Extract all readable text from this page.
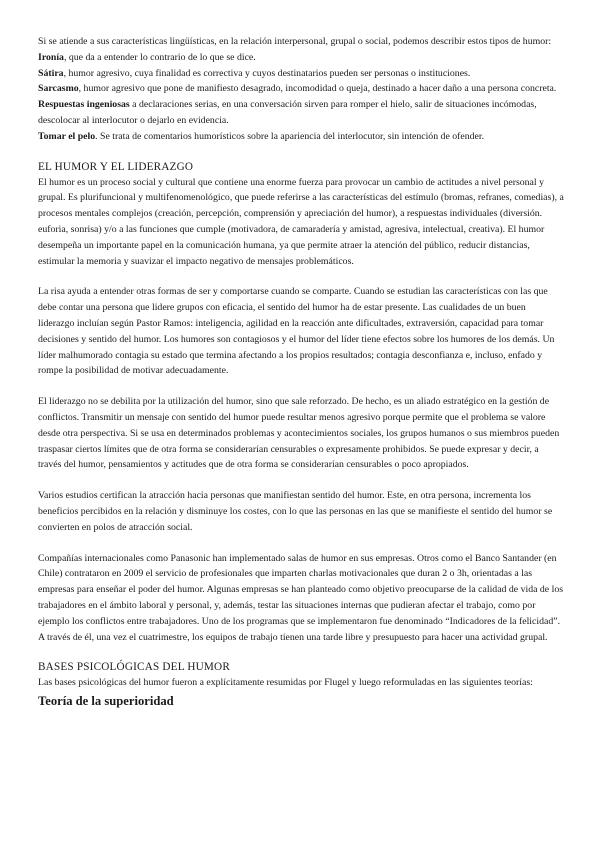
Si se atiende a sus características lingüísticas, en la relación interpersonal, grupal o social, podemos describir estos tipos de humor:

Ironía, que da a entender lo contrario de lo que se dice.

Sátira, humor agresivo, cuya finalidad es correctiva y cuyos destinatarios pueden ser personas o instituciones.

Sarcasmo, humor agresivo que pone de manifiesto desagrado, incomodidad o queja, destinado a hacer daño a una persona concreta.

Respuestas ingeniosas a declaraciones serias, en una conversación sirven para romper el hielo, salir de situaciones incómodas, descolocar al interlocutor o dejarlo en evidencia.

Tomar el pelo. Se trata de comentarios humorísticos sobre la apariencia del interlocutor, sin intención de ofender.

EL HUMOR Y EL LIDERAZGO

El humor es un proceso social y cultural que contiene una enorme fuerza para provocar un cambio de actitudes a nivel personal y grupal. Es plurifuncional y multifenomenológico, que puede referirse a las características del estímulo (bromas, refranes, comedias), a procesos mentales complejos (creación, percepción, comprensión y apreciación del humor), a respuestas individuales (diversión. euforia, sonrisa) y/o a las funciones que cumple (motivadora, de camaradería y amistad, agresiva, intelectual, creativa). El humor desempeña un importante papel en la comunicación humana, ya que permite atraer la atención del público, reducir distancias, estimular la memoria y suavizar el impacto negativo de mensajes problemáticos.

La risa ayuda a entender otras formas de ser y comportarse cuando se comparte. Cuando se estudian las características con las que debe contar una persona que lidere grupos con eficacia, el sentido del humor ha de estar presente. Las cualidades de un buen liderazgo incluían según Pastor Ramos: inteligencia, agilidad en la reacción ante dificultades, extraversión, capacidad para tomar decisiones y sentido del humor. Los humores son contagiosos y el humor del líder tiene efectos sobre los humores de los demás. Un líder malhumorado contagia su estado que termina afectando a los propios resultados; contagia desconfianza e, incluso, enfado y rompe la posibilidad de motivar adecuadamente.

El liderazgo no se debilita por la utilización del humor, sino que sale reforzado. De hecho, es un aliado estratégico en la gestión de conflictos. Transmitir un mensaje con sentido del humor puede resultar menos agresivo porque permite que el problema se valore desde otra perspectiva. Si se usa en determinados problemas y acontecimientos sociales, los grupos humanos o sus miembros pueden traspasar ciertos límites que de otra forma se considerarían censurables o expresamente prohibidos. Se puede expresar y decir, a través del humor, pensamientos y actitudes que de otra forma se considerarían censurables o poco apropiados.

Varios estudios certifican la atracción hacia personas que manifiestan sentido del humor. Este, en otra persona, incrementa los beneficios percibidos en la relación y disminuye los costes, con lo que las personas en las que se manifieste el sentido del humor se convierten en polos de atracción social.

Compañías internacionales como Panasonic han implementado salas de humor en sus empresas. Otros como el Banco Santander (en Chile) contrataron en 2009 el servicio de profesionales que imparten charlas motivacionales que duran 2 o 3h, orientadas a las empresas para enseñar el poder del humor. Algunas empresas se han planteado como objetivo preocuparse de la calidad de vida de los trabajadores en el ámbito laboral y personal, y, además, testar las situaciones internas que pudieran afectar el trabajo, como por ejemplo los conflictos entre trabajadores. Uno de los programas que se implementaron fue denominado “Indicadores de la felicidad”. A través de él, una vez el cuatrimestre, los equipos de trabajo tienen una tarde libre y presupuesto para hacer una actividad grupal.

BASES PSICOLÓGICAS DEL HUMOR

Las bases psicológicas del humor fueron a explícitamente resumidas por Flugel y luego reformuladas en las siguientes teorías:

Teoría de la superioridad
